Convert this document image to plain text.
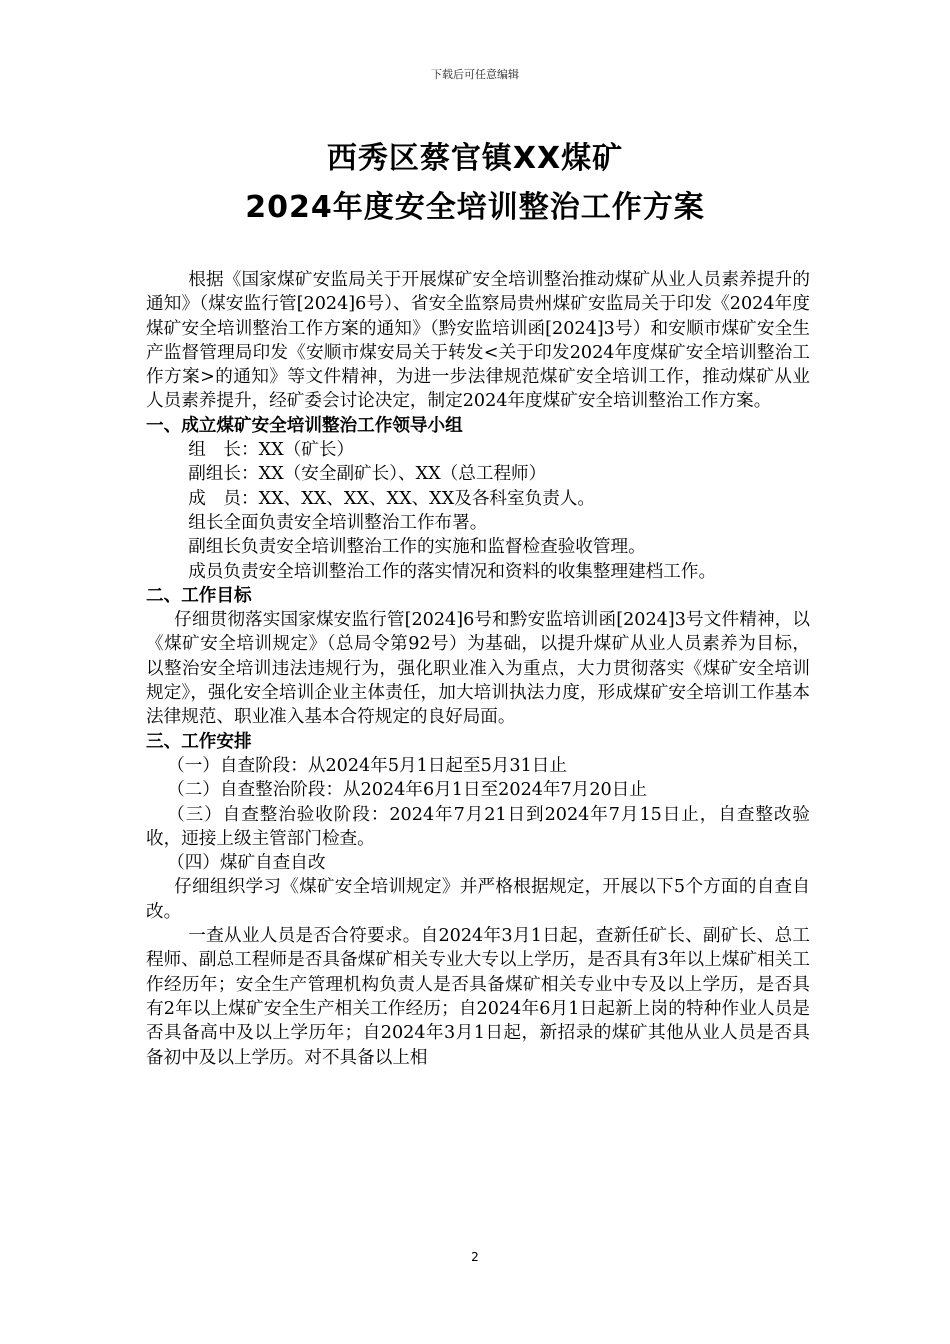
下载后可任意编辑
西秀区蔡官镇XX煤矿
2024年度安全培训整治工作方案

根据《国家煤矿安监局关于开展煤矿安全培训整治推动煤矿从业人员素养提升的通知》（煤安监行管[2024]6号）、省安全监察局贵州煤矿安监局关于印发《2024年度煤矿安全培训整治工作方案的通知》（黔安监培训函[2024]3号）和安顺市煤矿安全生产监督管理局印发《安顺市煤安局关于转发<关于印发2024年度煤矿安全培训整治工作方案>的通知》等文件精神，为进一步法律规范煤矿安全培训工作，推动煤矿从业人员素养提升，经矿委会讨论决定，制定2024年度煤矿安全培训整治工作方案。

一、成立煤矿安全培训整治工作领导小组

组　长：XX（矿长）

副组长：XX（安全副矿长）、XX（总工程师）

成　员：XX、XX、XX、XX、XX及各科室负责人。

组长全面负责安全培训整治工作布署。

副组长负责安全培训整治工作的实施和监督检查验收管理。

成员负责安全培训整治工作的落实情况和资料的收集整理建档工作。

二、工作目标

仔细贯彻落实国家煤安监行管[2024]6号和黔安监培训函[2024]3号文件精神，以《煤矿安全培训规定》（总局令第92号）为基础，以提升煤矿从业人员素养为目标，以整治安全培训违法违规行为，强化职业准入为重点，大力贯彻落实《煤矿安全培训规定》，强化安全培训企业主体责任，加大培训执法力度，形成煤矿安全培训工作基本法律规范、职业准入基本合符规定的良好局面。

三、工作安排

（一）自查阶段：从2024年5月1日起至5月31日止

（二）自查整治阶段：从2024年6月1日至2024年7月20日止

（三）自查整治验收阶段：2024年7月21日到2024年7月15日止，自查整改验收，迊接上级主管部门检查。

（四）煤矿自查自改

仔细组织学习《煤矿安全培训规定》并严格根据规定，开展以下5个方面的自查自改。

一查从业人员是否合符要求。自2024年3月1日起，查新任矿长、副矿长、总工程师、副总工程师是否具备煤矿相关专业大专以上学历，是否具有3年以上煤矿相关工作经历年；安全生产管理机构负责人是否具备煤矿相关专业中专及以上学历，是否具有2年以上煤矿安全生产相关工作经历；自2024年6月1日起新上岗的特种作业人员是否具备高中及以上学历年；自2024年3月1日起，新招录的煤矿其他从业人员是否具备初中及以上学历。对不具备以上相

2
